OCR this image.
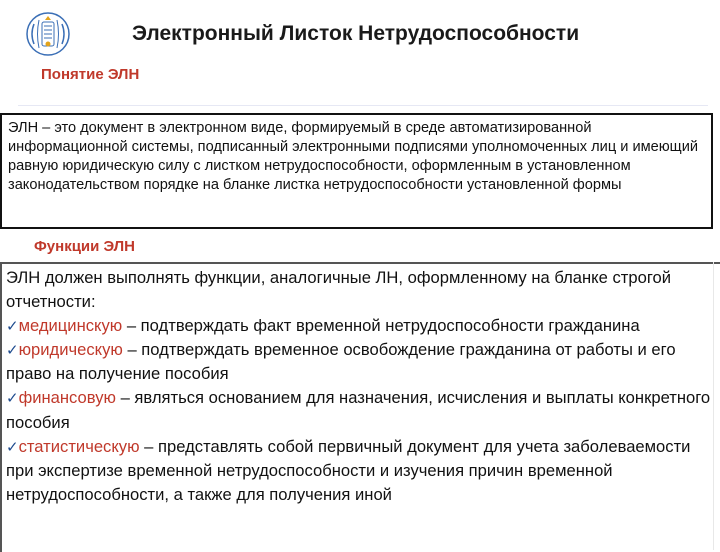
Электронный Листок Нетрудоспособности
Понятие ЭЛН
ЭЛН – это документ в электронном виде, формируемый в среде автоматизированной информационной системы, подписанный электронными подписями уполномоченных лиц и имеющий равную юридическую силу с листком нетрудоспособности, оформленным в установленном законодательством порядке на бланке листка нетрудоспособности установленной формы
Функции ЭЛН
ЭЛН должен выполнять функции, аналогичные ЛН, оформленному на бланке строгой отчетности:
✓медицинскую – подтверждать факт временной нетрудоспособности гражданина
✓юридическую – подтверждать временное освобождение гражданина от работы и его право на получение пособия
✓финансовую – являться основанием для назначения, исчисления и выплаты конкретного пособия
✓статистическую – представлять собой первичный документ для учета заболеваемости при экспертизе временной нетрудоспособности и изучения причин временной нетрудоспособности, а также для получения иной
